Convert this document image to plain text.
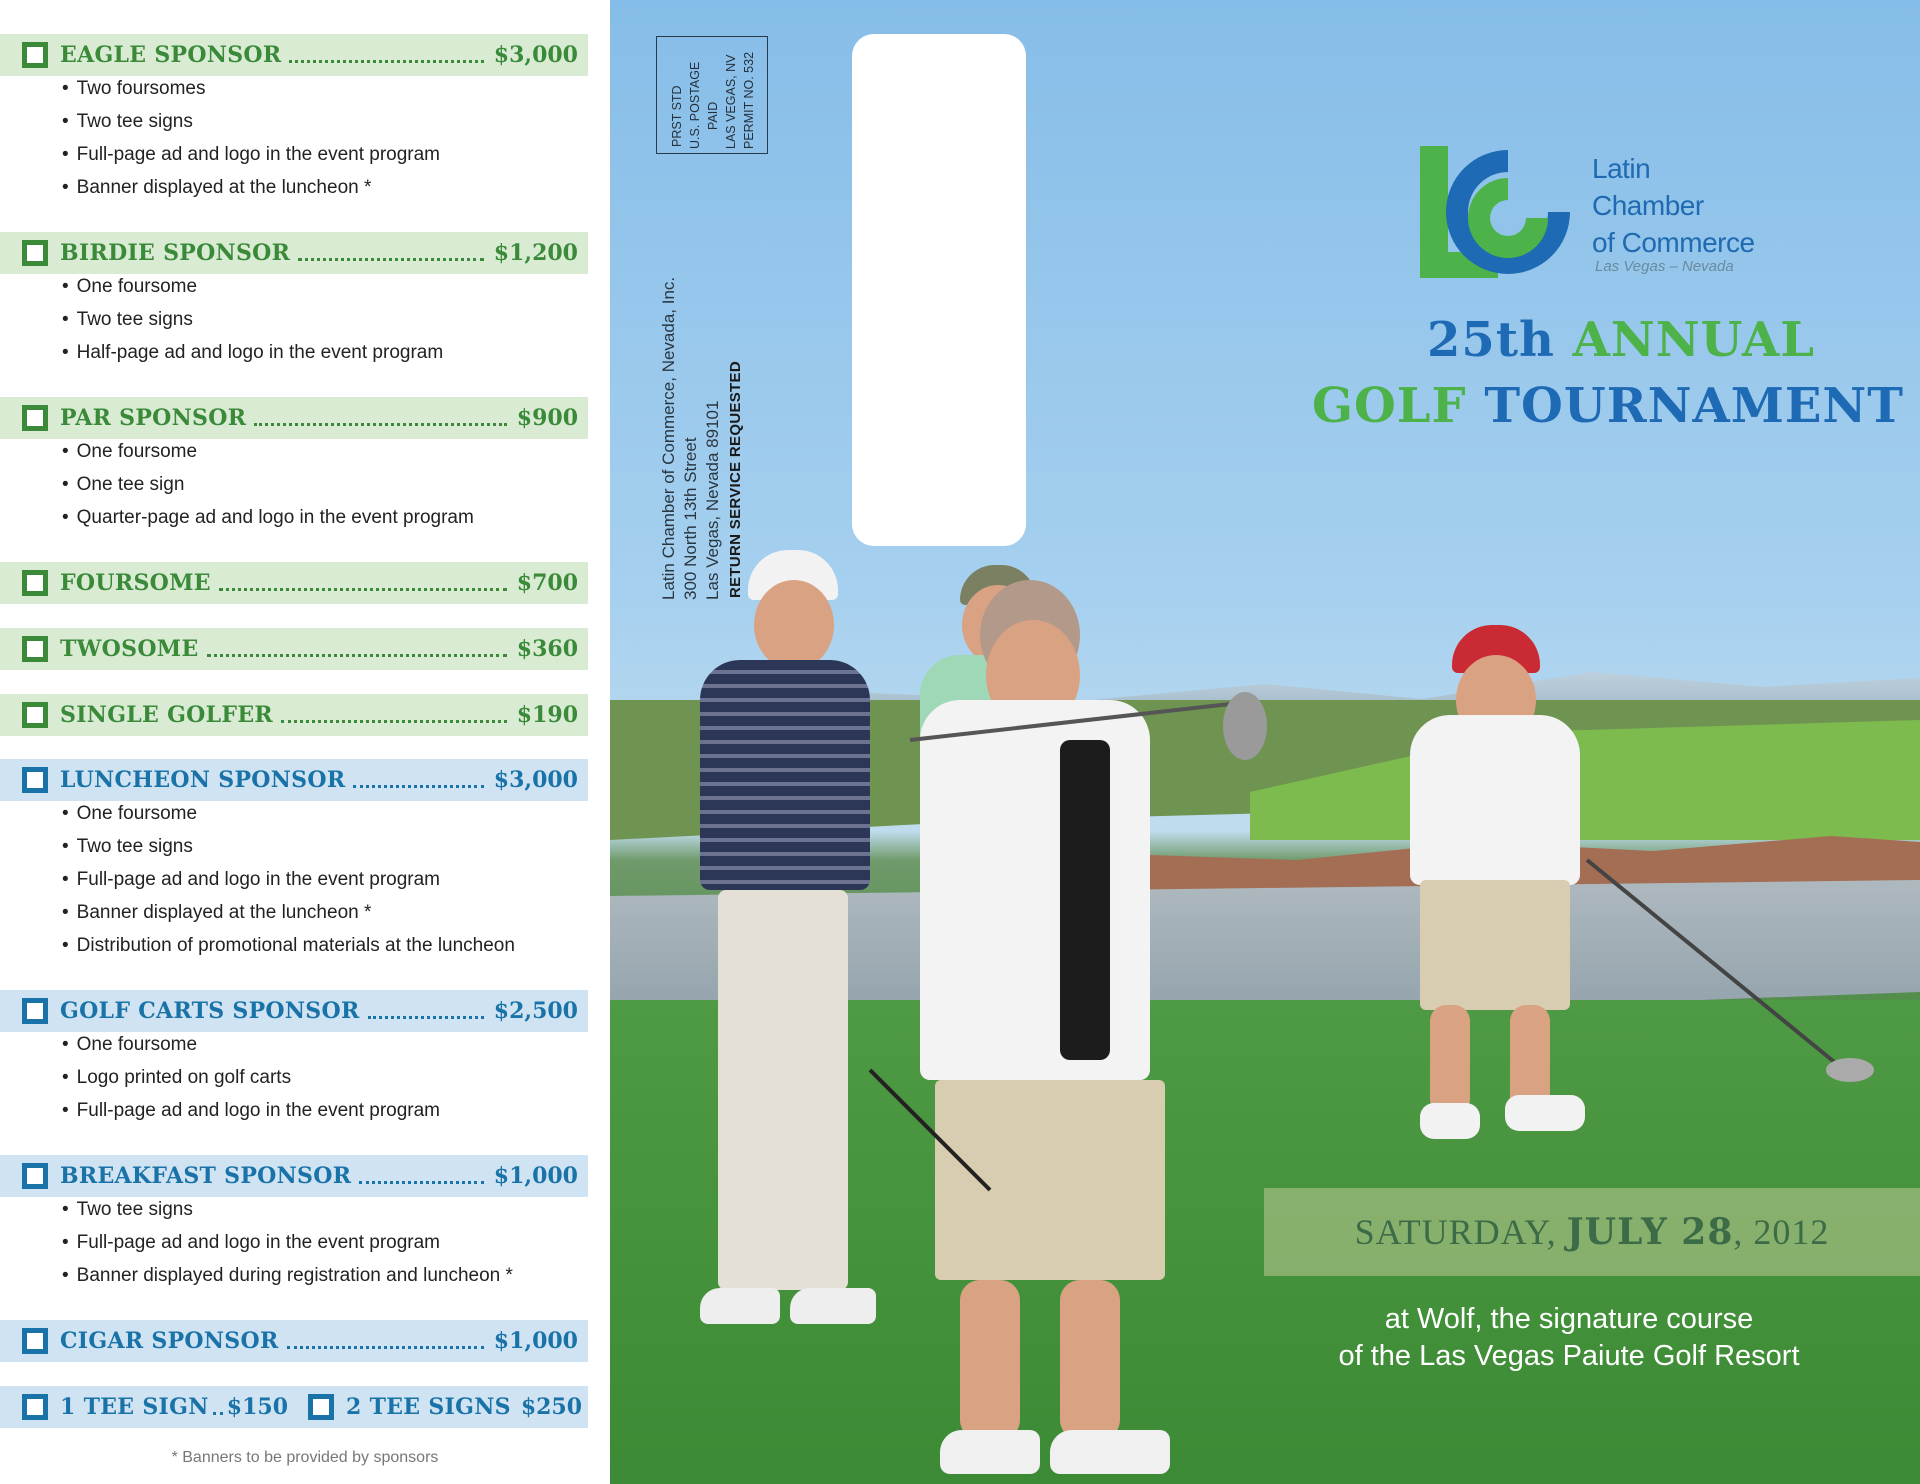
EAGLE SPONSOR	$3,000
• Two foursomes
• Two tee signs
• Full-page ad and logo in the event program
• Banner displayed at the luncheon *
BIRDIE SPONSOR	$1,200
• One foursome
• Two tee signs
• Half-page ad and logo in the event program
PAR SPONSOR	$900
• One foursome
• One tee sign
• Quarter-page ad and logo in the event program
FOURSOME	$700
TWOSOME	$360
SINGLE GOLFER	$190
LUNCHEON SPONSOR	$3,000
• One foursome
• Two tee signs
• Full-page ad and logo in the event program
• Banner displayed at the luncheon *
• Distribution of promotional materials at the luncheon
GOLF CARTS SPONSOR	$2,500
• One foursome
• Logo printed on golf carts
• Full-page ad and logo in the event program
BREAKFAST SPONSOR	$1,000
• Two tee signs
• Full-page ad and logo in the event program
• Banner displayed during registration and luncheon *
CIGAR SPONSOR	$1,000
1 TEE SIGN $150	2 TEE SIGNS $250
* Banners to be provided by sponsors
PRST STD U.S. POSTAGE PAID LAS VEGAS, NV PERMIT NO. 532
Latin Chamber of Commerce, Nevada, Inc. 300 North 13th Street Las Vegas, Nevada 89101 RETURN SERVICE REQUESTED
Latin
Chamber
of Commerce
Las Vegas – Nevada
25th ANNUAL
GOLF TOURNAMENT
SATURDAY,
JULY 28 , 2012
at Wolf, the signature course
of the Las Vegas Paiute Golf Resort
